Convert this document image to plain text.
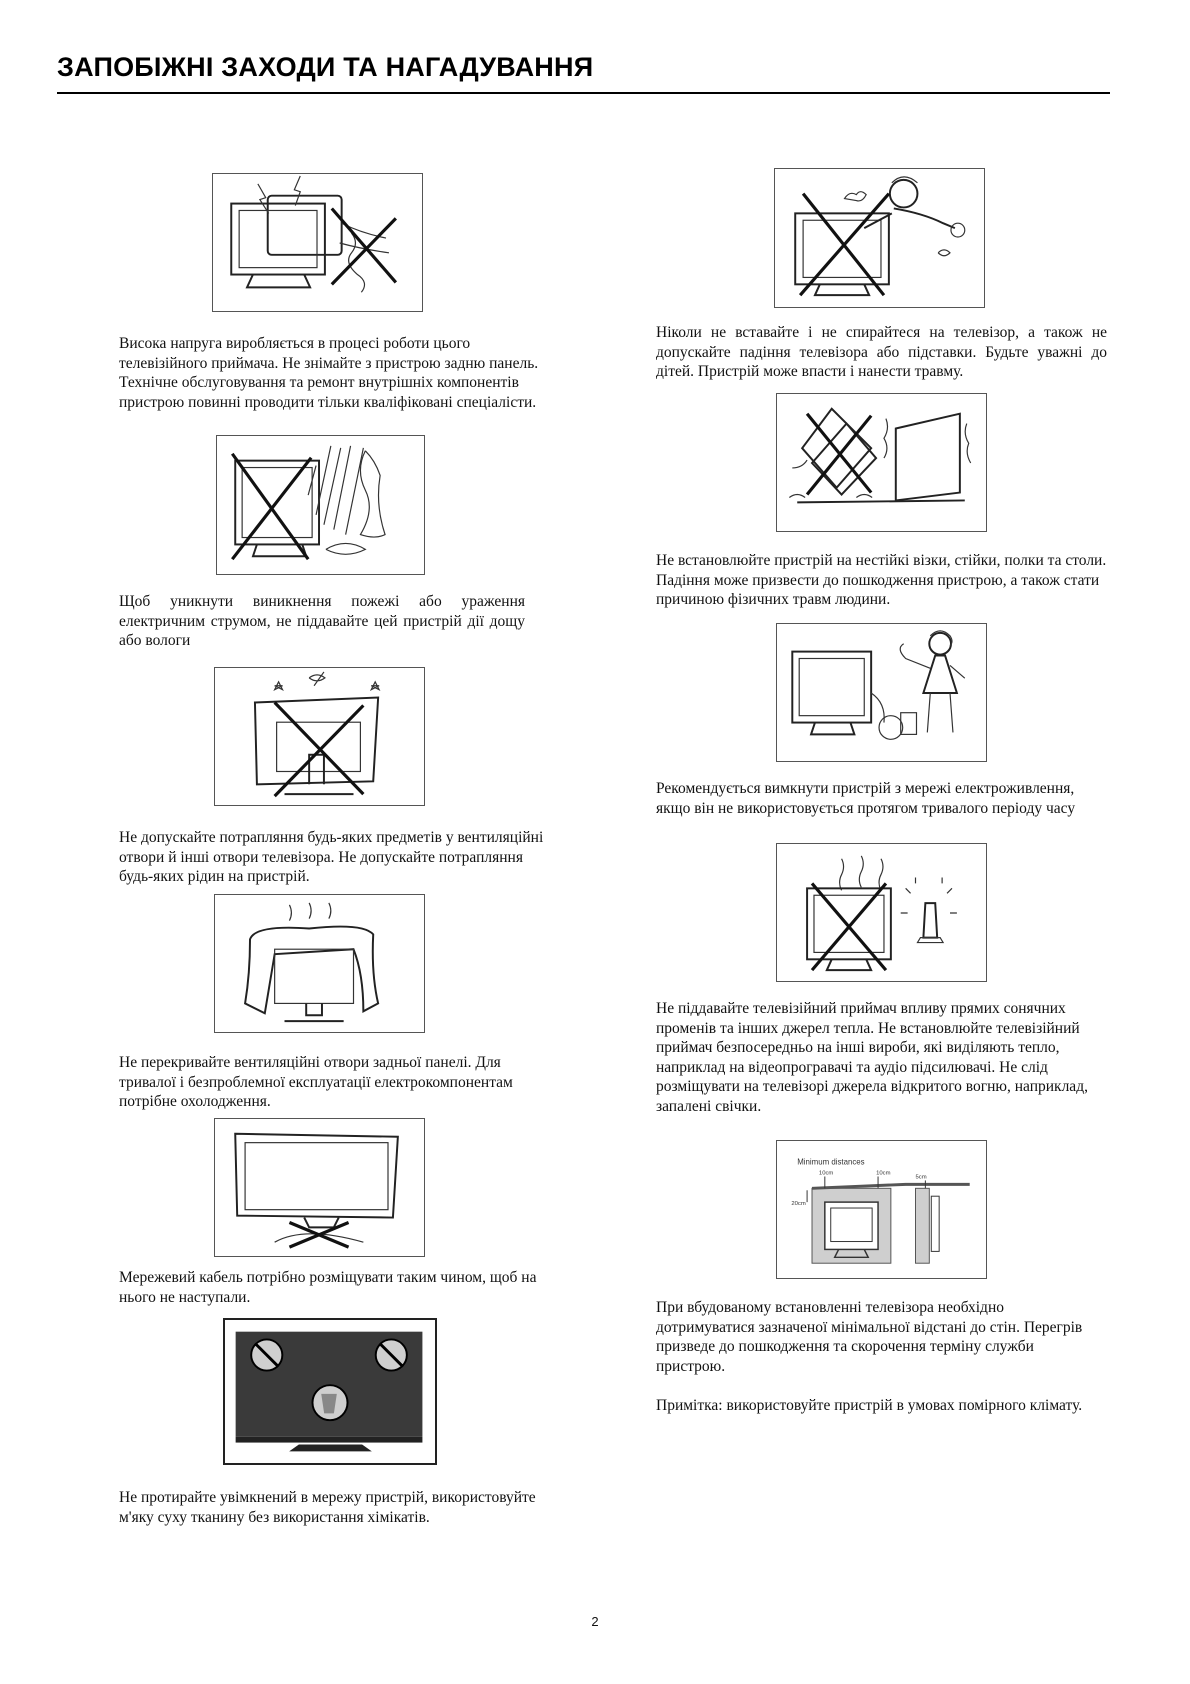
ЗАПОБІЖНІ ЗАХОДИ ТА НАГАДУВАННЯ

Висока напруга виробляється в процесі роботи цього телевізійного приймача. Не знімайте з пристрою задню панель. Технічне обслуговування та ремонт внутрішніх компонентів пристрою повинні проводити тільки кваліфіковані спеціалісти.

Щоб уникнути виникнення пожежі або ураження електричним струмом, не піддавайте цей пристрій дії дощу або вологи

Не допускайте потрапляння будь-яких предметів у вентиляційні отвори й інші отвори телевізора. Не допускайте потрапляння будь-яких рідин на пристрій.

Не перекривайте вентиляційні отвори задньої панелі. Для тривалої і безпроблемної експлуатації електрокомпонентам потрібне охолодження.

Мережевий кабель потрібно розміщувати таким чином, щоб на нього не наступали.

Не протирайте увімкнений в мережу пристрій, використовуйте м'яку суху тканину без використання хімікатів.

Ніколи не вставайте і не спирайтеся на телевізор, а також не допускайте падіння телевізора або підставки. Будьте уважні до дітей. Пристрій може впасти і нанести травму.

Не встановлюйте пристрій на нестійкі візки, стійки, полки та столи. Падіння може призвести до пошкодження пристрою, а також стати причиною фізичних травм людини.

Рекомендується вимкнути пристрій з мережі електроживлення, якщо він не використовується протягом тривалого періоду часу

Не піддавайте телевізійний приймач впливу прямих сонячних променів та інших джерел тепла. Не встановлюйте телевізійний приймач безпосередньо на інші вироби, які виділяють тепло, наприклад на відеопрогравачі та аудіо підсилювачі. Не слід розміщувати на телевізорі джерела відкритого вогню, наприклад, запалені свічки.

Minimum distances
10cm	10cm
5cm
20cm

При вбудованому встановленні телевізора необхідно дотримуватися зазначеної мінімальної відстані до стін. Перегрів призведе до пошкодження та скорочення терміну служби пристрою.

Примітка: використовуйте пристрій в умовах помірного клімату.

2
